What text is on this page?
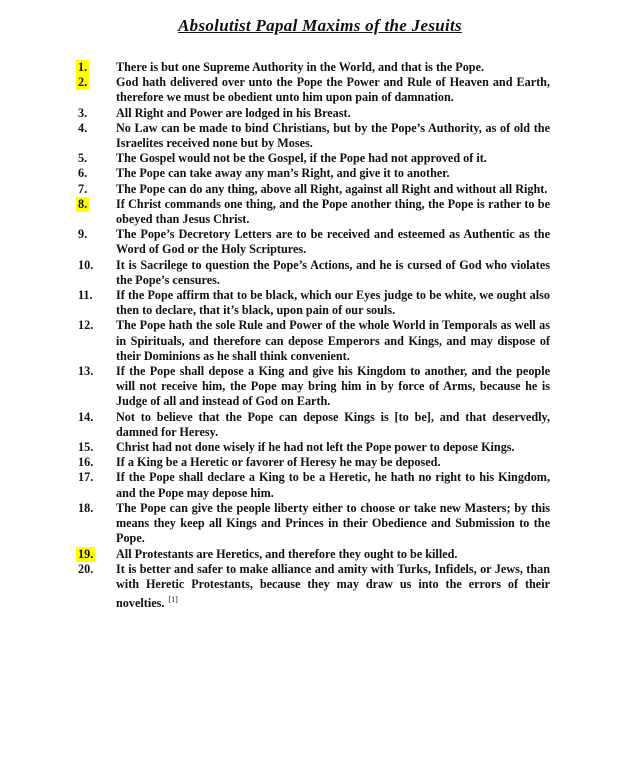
Absolutist Papal Maxims of the Jesuits
1. There is but one Supreme Authority in the World, and that is the Pope.
2. God hath delivered over unto the Pope the Power and Rule of Heaven and Earth, therefore we must be obedient unto him upon pain of damnation.
3. All Right and Power are lodged in his Breast.
4. No Law can be made to bind Christians, but by the Pope’s Authority, as of old the Israelites received none but by Moses.
5. The Gospel would not be the Gospel, if the Pope had not approved of it.
6. The Pope can take away any man’s Right, and give it to another.
7. The Pope can do any thing, above all Right, against all Right and without all Right.
8. If Christ commands one thing, and the Pope another thing, the Pope is rather to be obeyed than Jesus Christ.
9. The Pope’s Decretory Letters are to be received and esteemed as Authentic as the Word of God or the Holy Scriptures.
10. It is Sacrilege to question the Pope’s Actions, and he is cursed of God who violates the Pope’s censures.
11. If the Pope affirm that to be black, which our Eyes judge to be white, we ought also then to declare, that it’s black, upon pain of our souls.
12. The Pope hath the sole Rule and Power of the whole World in Temporals as well as in Spirituals, and therefore can depose Emperors and Kings, and may dispose of their Dominions as he shall think convenient.
13. If the Pope shall depose a King and give his Kingdom to another, and the people will not receive him, the Pope may bring him in by force of Arms, because he is Judge of all and instead of God on Earth.
14. Not to believe that the Pope can depose Kings is [to be], and that deservedly, damned for Heresy.
15. Christ had not done wisely if he had not left the Pope power to depose Kings.
16. If a King be a Heretic or favorer of Heresy he may be deposed.
17. If the Pope shall declare a King to be a Heretic, he hath no right to his Kingdom, and the Pope may depose him.
18. The Pope can give the people liberty either to choose or take new Masters; by this means they keep all Kings and Princes in their Obedience and Submission to the Pope.
19. All Protestants are Heretics, and therefore they ought to be killed.
20. It is better and safer to make alliance and amity with Turks, Infidels, or Jews, than with Heretic Protestants, because they may draw us into the errors of their novelties. [1]
